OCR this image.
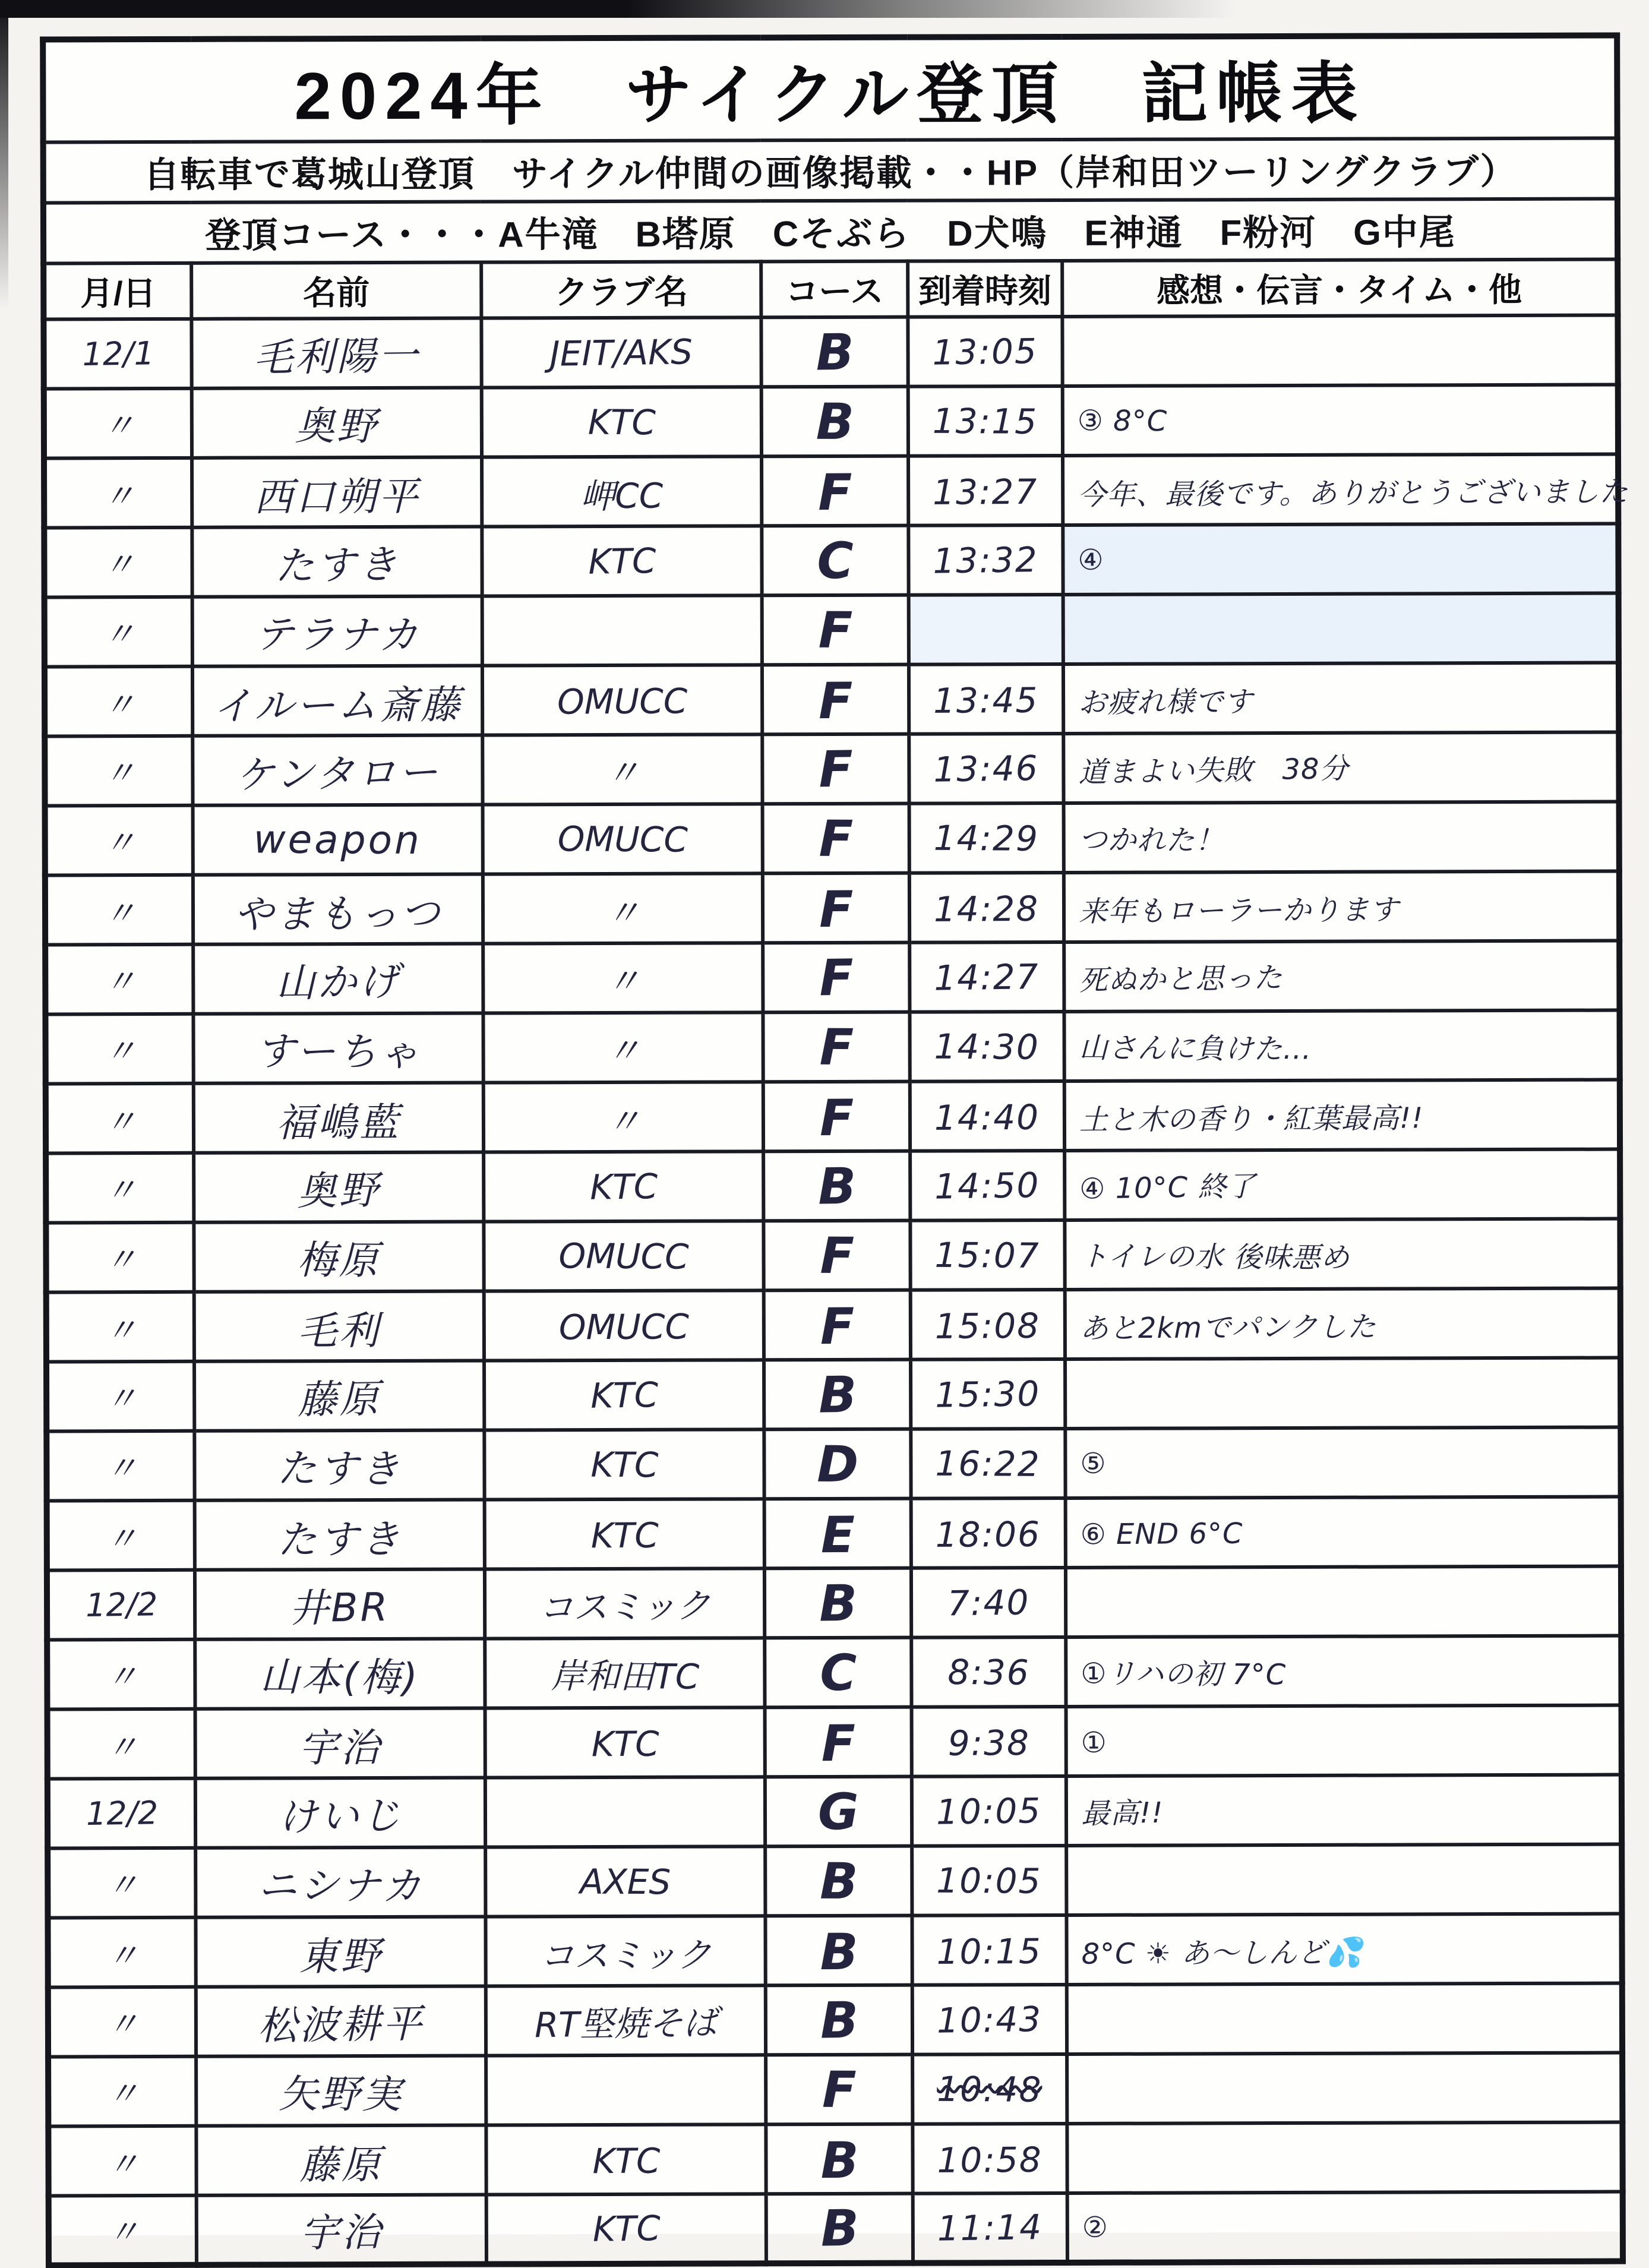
2024年　サイクル登頂　記帳表					
自転車で葛城山登頂　サイクル仲間の画像掲載・・HP（岸和田ツーリングクラブ）					
登頂コース・・・A牛滝　B塔原　Cそぶら　D犬鳴　E神通　F粉河　G中尾					
月/日	名前	クラブ名	コース	到着時刻	感想・伝言・タイム・他
12/1	毛利陽一	JEIT/AKS	B	13:05	
〃	奥野	KTC	B	13:15	③ 8°C
〃	西口朔平	岬CC	F	13:27	今年、最後です。ありがとうございました
〃	たすき	KTC	C	13:32	④
〃	テラナカ		F		
〃	イルーム斎藤	OMUCC	F	13:45	お疲れ様です
〃	ケンタロー	〃	F	13:46	道まよい失敗　38分
〃	weapon	OMUCC	F	14:29	つかれた！
〃	やまもっつ	〃	F	14:28	来年もローラーかります
〃	山かげ	〃	F	14:27	死ぬかと思った
〃	すーちゃ	〃	F	14:30	山さんに負けた…
〃	福嶋藍	〃	F	14:40	土と木の香り・紅葉最高!!
〃	奥野	KTC	B	14:50	④ 10°C 終了
〃	梅原	OMUCC	F	15:07	トイレの水 後味悪め
〃	毛利	OMUCC	F	15:08	あと2kmでパンクした
〃	藤原	KTC	B	15:30	
〃	たすき	KTC	D	16:22	⑤
〃	たすき	KTC	E	18:06	⑥ END 6°C
12/2	井BR	コスミック	B	7:40	
〃	山本(梅)	岸和田TC	C	8:36	①リハの初 7°C
〃	宇治	KTC	F	9:38	①
12/2	けいじ		G	10:05	最高!!
〃	ニシナカ	AXES	B	10:05	
〃	東野	コスミック	B	10:15	8°C ☀ あ～しんど💦
〃	松波耕平	RT堅焼そば	B	10:43	
〃	矢野実		F	10:48	
〃	藤原	KTC	B	10:58	
〃	宇治	KTC	B	11:14	②
